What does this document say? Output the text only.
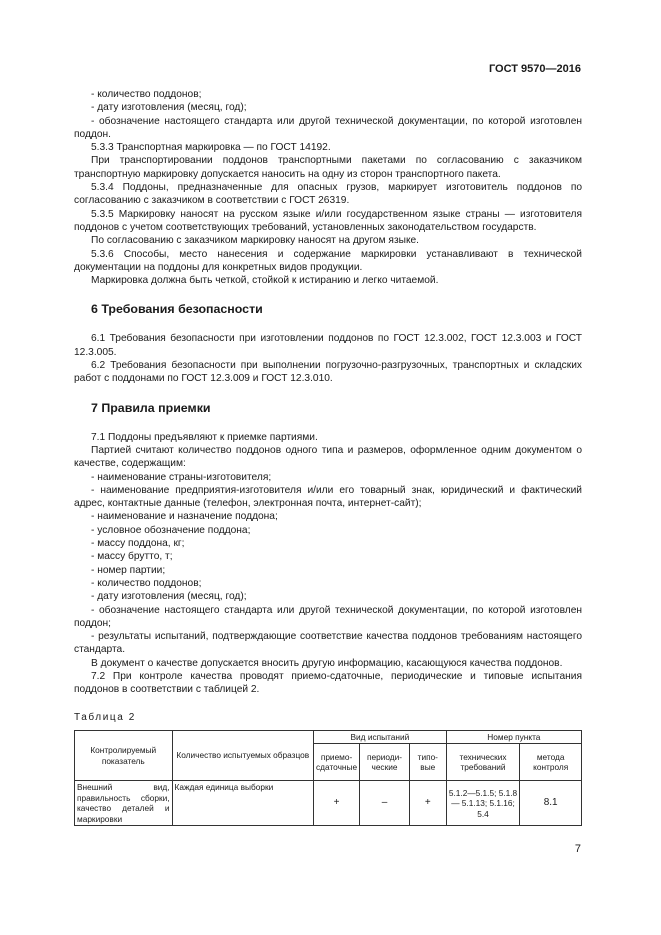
ГОСТ 9570—2016

- количество поддонов;

- дату изготовления (месяц, год);

- обозначение настоящего стандарта или другой технической документации, по которой изготовлен поддон.

5.3.3 Транспортная маркировка — по ГОСТ 14192.

При транспортировании поддонов транспортными пакетами по согласованию с заказчиком транспортную маркировку допускается наносить на одну из сторон транспортного пакета.

5.3.4 Поддоны, предназначенные для опасных грузов, маркирует изготовитель поддонов по согласованию с заказчиком в соответствии с ГОСТ 26319.

5.3.5 Маркировку наносят на русском языке и/или государственном языке страны — изготовителя поддонов с учетом соответствующих требований, установленных законодательством государств.

По согласованию с заказчиком маркировку наносят на другом языке.

5.3.6 Способы, место нанесения и содержание маркировки устанавливают в технической документации на поддоны для конкретных видов продукции.

Маркировка должна быть четкой, стойкой к истиранию и легко читаемой.

6 Требования безопасности

6.1 Требования безопасности при изготовлении поддонов по ГОСТ 12.3.002, ГОСТ 12.3.003 и ГОСТ 12.3.005.

6.2 Требования безопасности при выполнении погрузочно-разгрузочных, транспортных и складских работ с поддонами по ГОСТ 12.3.009 и ГОСТ 12.3.010.

7 Правила приемки

7.1 Поддоны предъявляют к приемке партиями.

Партией считают количество поддонов одного типа и размеров, оформленное одним документом о качестве, содержащим:

- наименование страны-изготовителя;

- наименование предприятия-изготовителя и/или его товарный знак, юридический и фактический адрес, контактные данные (телефон, электронная почта, интернет-сайт);

- наименование и назначение поддона;

- условное обозначение поддона;

- массу поддона, кг;

- массу брутто, т;

- номер партии;

- количество поддонов;

- дату изготовления (месяц, год);

- обозначение настоящего стандарта или другой технической документации, по которой изготовлен поддон;

- результаты испытаний, подтверждающие соответствие качества поддонов требованиям настоящего стандарта.

В документ о качестве допускается вносить другую информацию, касающуюся качества поддонов.

7.2 При контроле качества проводят приемо-сдаточные, периодические и типовые испытания поддонов в соответствии с таблицей 2.

Таблица 2
Контролируемый показатель	Количество испытуемых образцов	Вид испытаний			Номер пункта	
		приемо-сдаточные	периоди-ческие	типо-вые	технических требований	метода контроля
Внешний вид, правильность сборки, качество деталей и маркировки	Каждая единица выборки	+	–	+	5.1.2—5.1.5; 5.1.8— 5.1.13; 5.1.16; 5.4	8.1
7
